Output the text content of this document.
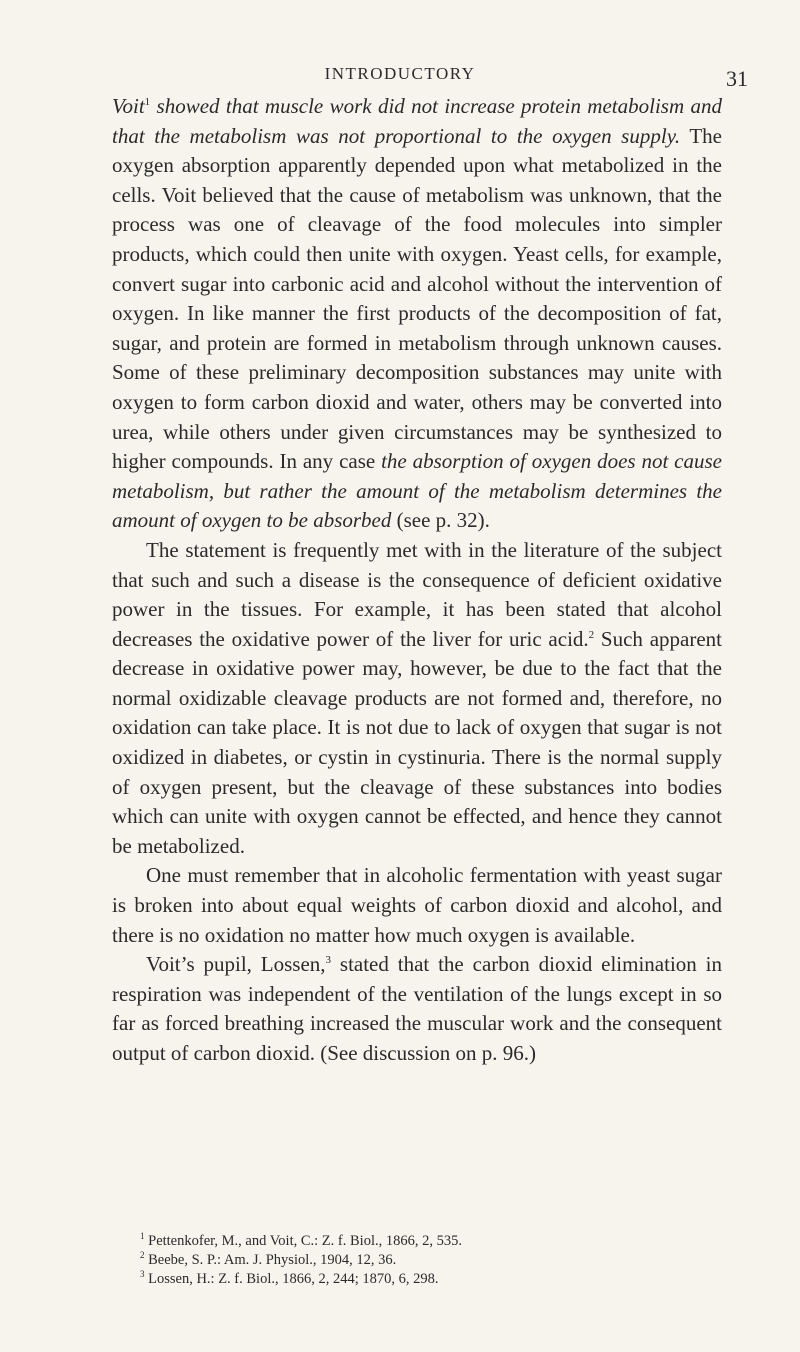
INTRODUCTORY	31

Voit$^1$ showed that muscle work did not increase protein metabolism and that the metabolism was not proportional to the oxygen supply. The oxygen absorption apparently depended upon what metabolized in the cells. Voit believed that the cause of metabolism was unknown, that the process was one of cleavage of the food molecules into simpler products, which could then unite with oxygen. Yeast cells, for example, convert sugar into carbonic acid and alcohol without the intervention of oxygen. In like manner the first products of the decomposition of fat, sugar, and protein are formed in metabolism through unknown causes. Some of these preliminary decomposition substances may unite with oxygen to form carbon dioxid and water, others may be converted into urea, while others under given circumstances may be synthesized to higher compounds. In any case the absorption of oxygen does not cause metabolism, but rather the amount of the metabolism determines the amount of oxygen to be absorbed (see p. 32).

The statement is frequently met with in the literature of the subject that such and such a disease is the consequence of deficient oxidative power in the tissues. For example, it has been stated that alcohol decreases the oxidative power of the liver for uric acid.$^2$ Such apparent decrease in oxidative power may, however, be due to the fact that the normal oxidizable cleavage products are not formed and, therefore, no oxidation can take place. It is not due to lack of oxygen that sugar is not oxidized in diabetes, or cystin in cystinuria. There is the normal supply of oxygen present, but the cleavage of these substances into bodies which can unite with oxygen cannot be effected, and hence they cannot be metabolized.

One must remember that in alcoholic fermentation with yeast sugar is broken into about equal weights of carbon dioxid and alcohol, and there is no oxidation no matter how much oxygen is available.

Voit’s pupil, Lossen,$^3$ stated that the carbon dioxid elimination in respiration was independent of the ventilation of the lungs except in so far as forced breathing increased the muscular work and the consequent output of carbon dioxid. (See discussion on p. 96.)

$^1$ Pettenkofer, M., and Voit, C.: Z. f. Biol., 1866, 2, 535.
$^2$ Beebe, S. P.: Am. J. Physiol., 1904, 12, 36.
$^3$ Lossen, H.: Z. f. Biol., 1866, 2, 244; 1870, 6, 298.
